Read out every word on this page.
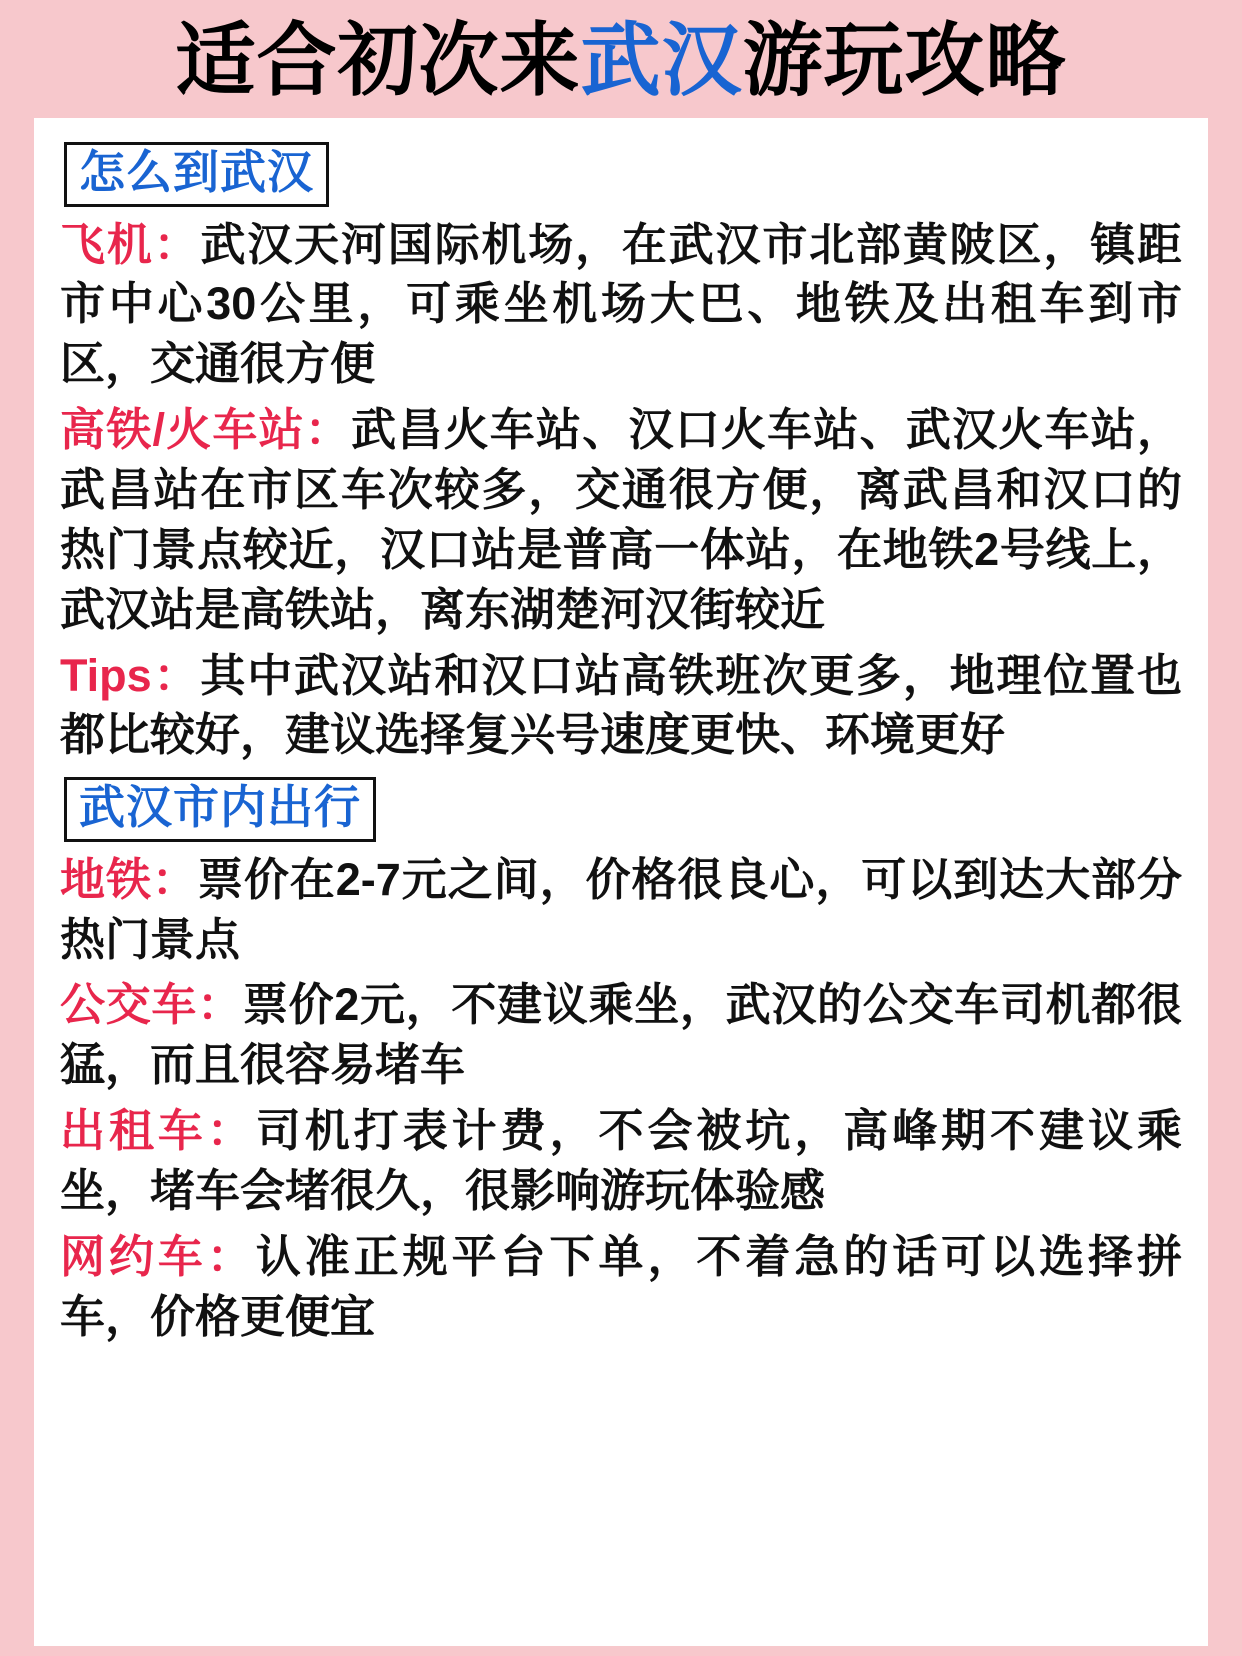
适合初次来武汉游玩攻略
怎么到武汉

飞机：武汉天河国际机场，在武汉市北部黄陂区，镇距市中心30公里，可乘坐机场大巴、地铁及出租车到市区，交通很方便

高铁/火车站：武昌火车站、汉口火车站、武汉火车站，武昌站在市区车次较多，交通很方便，离武昌和汉口的热门景点较近，汉口站是普高一体站，在地铁2号线上，武汉站是高铁站，离东湖楚河汉街较近

Tips：其中武汉站和汉口站高铁班次更多，地理位置也都比较好，建议选择复兴号速度更快、环境更好

武汉市内出行

地铁：票价在2-7元之间，价格很良心，可以到达大部分热门景点

公交车：票价2元，不建议乘坐，武汉的公交车司机都很猛，而且很容易堵车

出租车：司机打表计费，不会被坑，高峰期不建议乘坐，堵车会堵很久，很影响游玩体验感

网约车：认准正规平台下单，不着急的话可以选择拼车，价格更便宜
